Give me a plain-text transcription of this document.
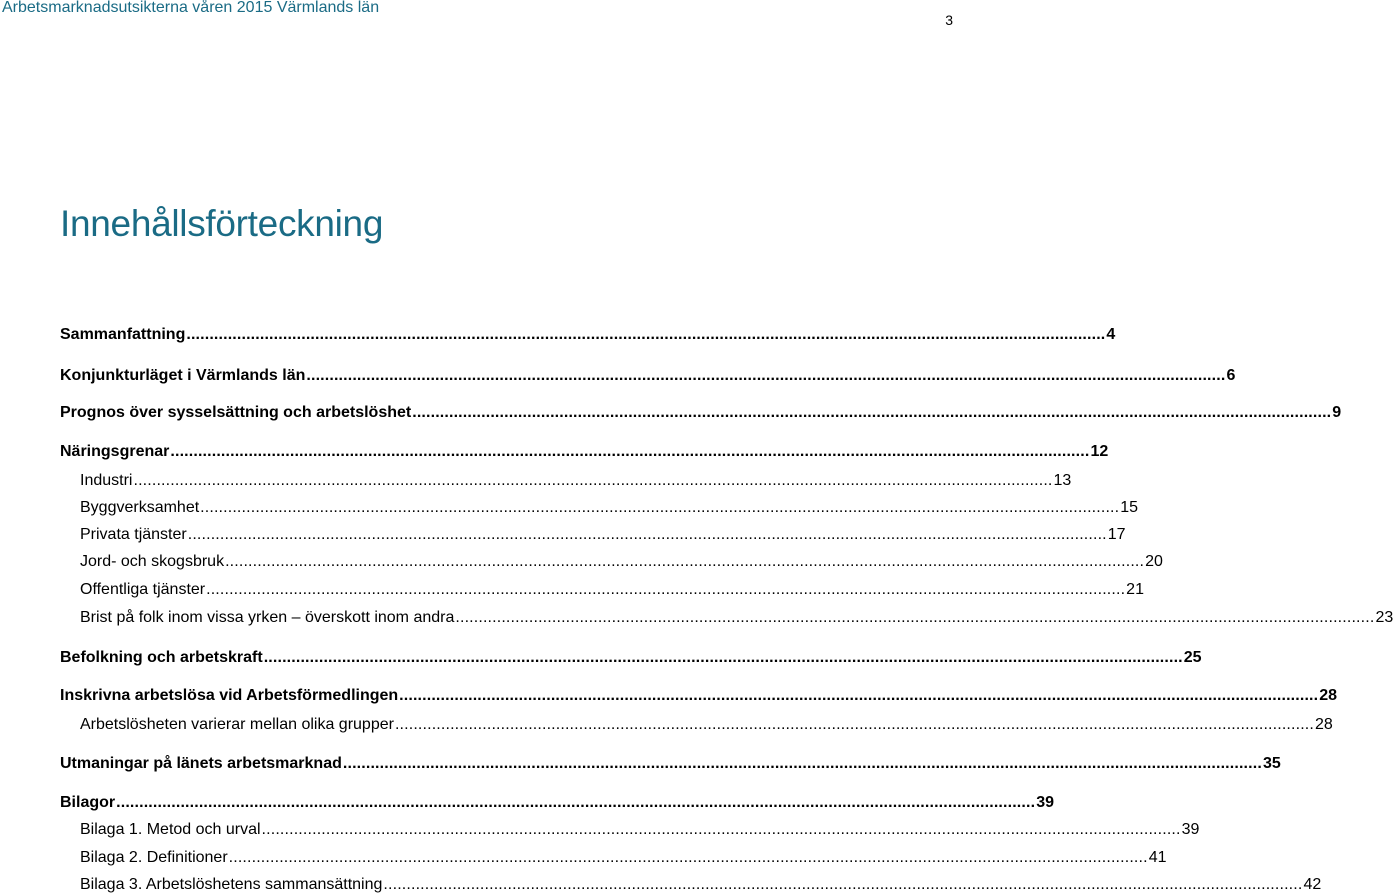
Arbetsmarknadsutsikterna våren 2015 Värmlands län
3
Innehållsförteckning
Sammanfattning ........................................................................................................................................................................................................ 4
Konjunkturläget i Värmlands län ........................................................................................................................................................................................................ 6
Prognos över sysselsättning och arbetslöshet ........................................................................................................................................................................................................ 9
Näringsgrenar ........................................................................................................................................................................................................ 12
Industri ........................................................................................................................................................................................................ 13
Byggverksamhet ........................................................................................................................................................................................................ 15
Privata tjänster ........................................................................................................................................................................................................ 17
Jord- och skogsbruk ........................................................................................................................................................................................................ 20
Offentliga tjänster ........................................................................................................................................................................................................ 21
Brist på folk inom vissa yrken – överskott inom andra ........................................................................................................................................................................................................ 23
Befolkning och arbetskraft ........................................................................................................................................................................................................ 25
Inskrivna arbetslösa vid Arbetsförmedlingen ........................................................................................................................................................................................................ 28
Arbetslösheten varierar mellan olika grupper ........................................................................................................................................................................................................ 28
Utmaningar på länets arbetsmarknad ........................................................................................................................................................................................................ 35
Bilagor ........................................................................................................................................................................................................ 39
Bilaga 1. Metod och urval ........................................................................................................................................................................................................ 39
Bilaga 2. Definitioner ........................................................................................................................................................................................................ 41
Bilaga 3. Arbetslöshetens sammansättning ........................................................................................................................................................................................................ 42
